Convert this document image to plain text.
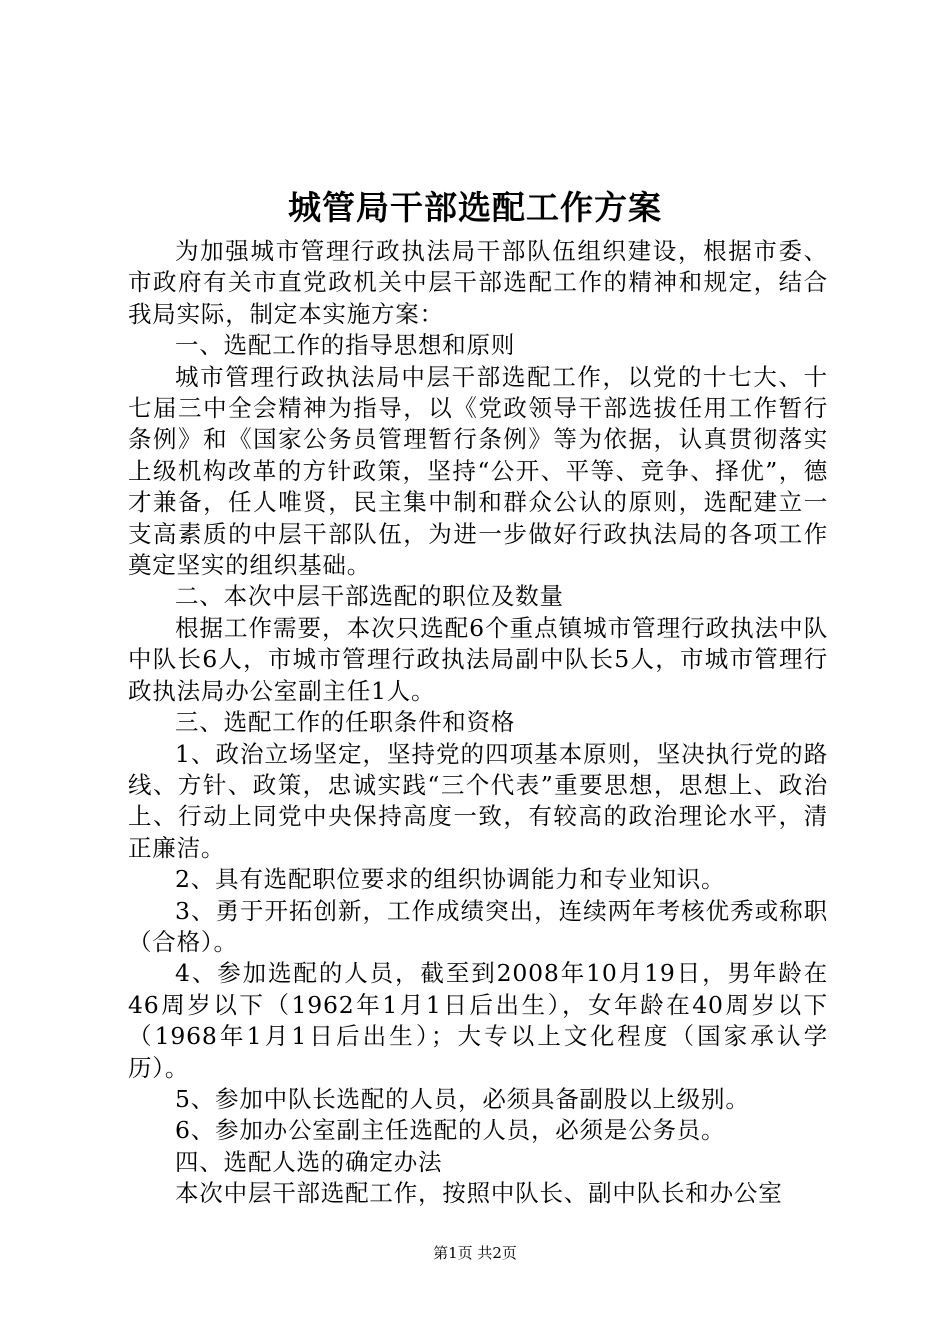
城管局干部选配工作方案

为加强城市管理行政执法局干部队伍组织建设，根据市委、市政府有关市直党政机关中层干部选配工作的精神和规定，结合我局实际，制定本实施方案：

一、选配工作的指导思想和原则

城市管理行政执法局中层干部选配工作，以党的十七大、十七届三中全会精神为指导，以《党政领导干部选拔任用工作暂行条例》和《国家公务员管理暂行条例》等为依据，认真贯彻落实上级机构改革的方针政策，坚持“公开、平等、竞争、择优”，德才兼备，任人唯贤，民主集中制和群众公认的原则，选配建立一支高素质的中层干部队伍，为进一步做好行政执法局的各项工作奠定坚实的组织基础。

二、本次中层干部选配的职位及数量

根据工作需要，本次只选配6个重点镇城市管理行政执法中队中队长6人，市城市管理行政执法局副中队长5人，市城市管理行政执法局办公室副主任1人。

三、选配工作的任职条件和资格

1、政治立场坚定，坚持党的四项基本原则，坚决执行党的路线、方针、政策，忠诚实践“三个代表”重要思想，思想上、政治上、行动上同党中央保持高度一致，有较高的政治理论水平，清正廉洁。

2、具有选配职位要求的组织协调能力和专业知识。

3、勇于开拓创新，工作成绩突出，连续两年考核优秀或称职（合格）。

4、参加选配的人员，截至到2008年10月19日，男年龄在46周岁以下（1962年1月1日后出生），女年龄在40周岁以下（1968年1月1日后出生）；大专以上文化程度（国家承认学历）。

5、参加中队长选配的人员，必须具备副股以上级别。

6、参加办公室副主任选配的人员，必须是公务员。

四、选配人选的确定办法

本次中层干部选配工作，按照中队长、副中队长和办公室

第1页 共2页
